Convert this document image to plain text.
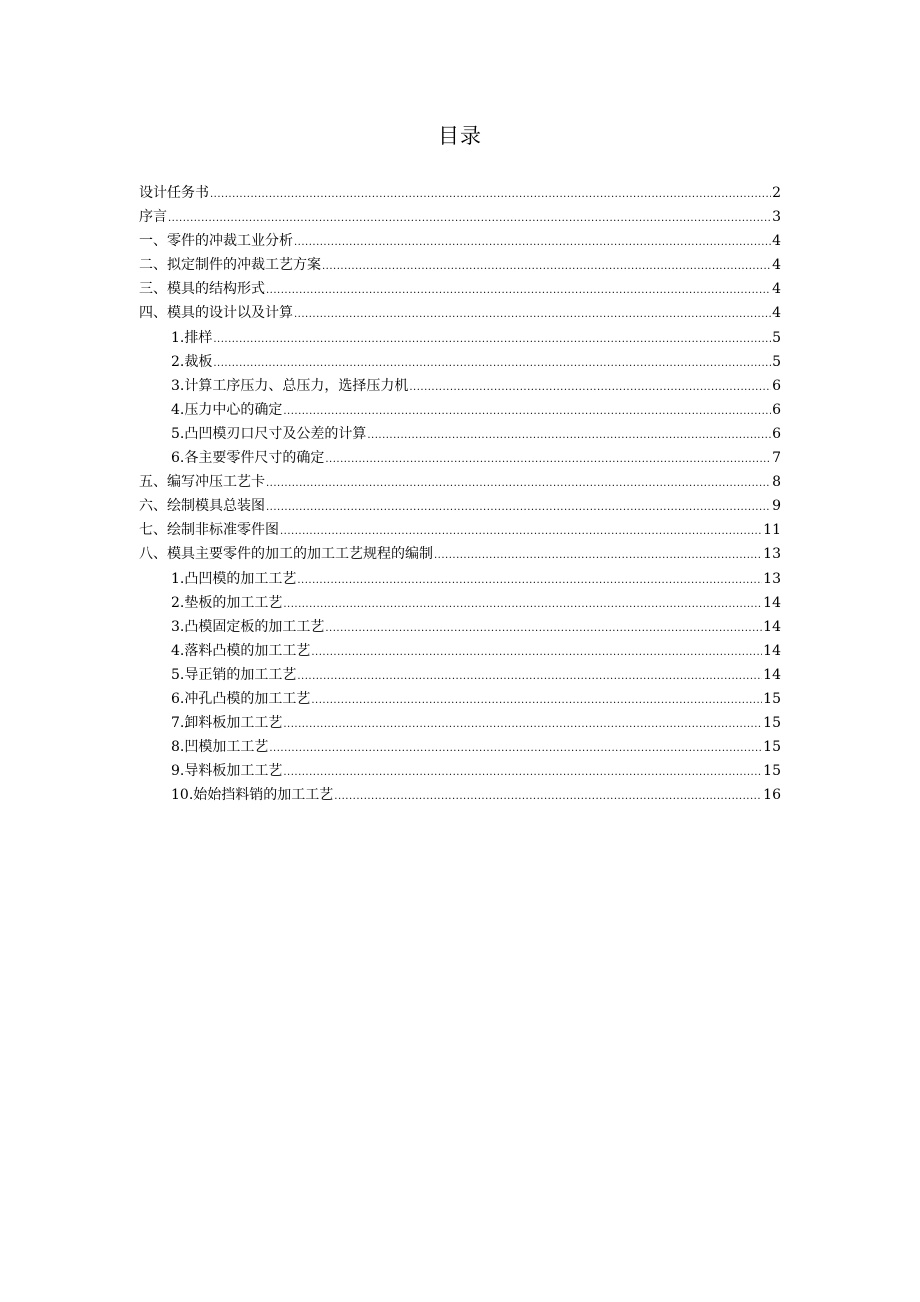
目录
设计任务书 .....	2
序言 .....	3
一、零件的冲裁工业分析 .....	4
二、拟定制件的冲裁工艺方案 .....	4
三、模具的结构形式 .....	4
四、模具的设计以及计算 .....	4
1.排样 .....	5
2.裁板 .....	5
3.计算工序压力、总压力，选择压力机 .....	6
4.压力中心的确定 .....	6
5.凸凹模刃口尺寸及公差的计算 .....	6
6.各主要零件尺寸的确定 .....	7
五、编写冲压工艺卡 .....	8
六、绘制模具总装图 .....	9
七、绘制非标准零件图 .....	11
八、模具主要零件的加工的加工工艺规程的编制 .....	13
1.凸凹模的加工工艺 .....	13
2.垫板的加工工艺 .....	14
3.凸模固定板的加工工艺 .....	14
4.落料凸模的加工工艺 .....	14
5.导正销的加工工艺 .....	14
6.冲孔凸模的加工工艺 .....	15
7.卸料板加工工艺 .....	15
8.凹模加工工艺 .....	15
9.导料板加工工艺 .....	15
10.始始挡料销的加工工艺 .....	16
